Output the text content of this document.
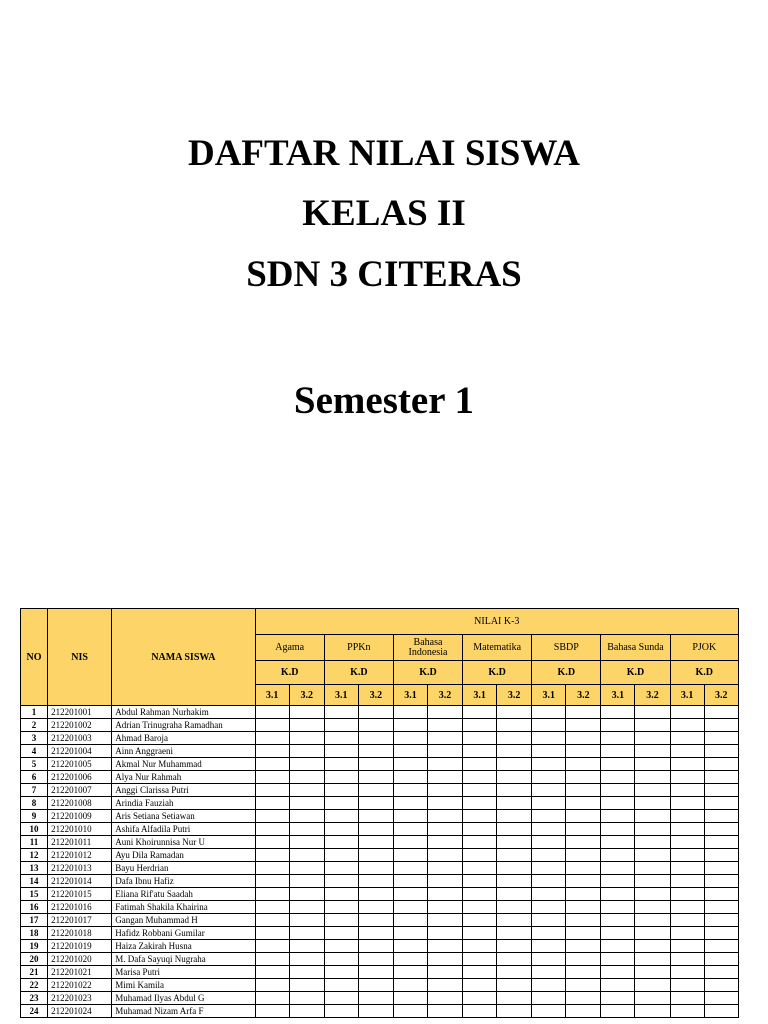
DAFTAR NILAI SISWA
KELAS II
SDN 3 CITERAS
Semester 1
NO	NIS	NAMA SISWA	NILAI K-3													
			Agama		PPKn		Bahasa Indonesia		Matematika		SBDP		Bahasa Sunda		PJOK	
			K.D		K.D		K.D		K.D		K.D		K.D		K.D	
			3.1	3.2	3.1	3.2	3.1	3.2	3.1	3.2	3.1	3.2	3.1	3.2	3.1	3.2
1	212201001	Abdul Rahman Nurhakim														
2	212201002	Adrian Trinugraha Ramadhan														
3	212201003	Ahmad Baroja														
4	212201004	Ainn Anggraeni														
5	212201005	Akmal Nur Muhammad														
6	212201006	Alya Nur Rahmah														
7	212201007	Anggi Clarissa Putri														
8	212201008	Arindia Fauziah														
9	212201009	Aris Setiana Setiawan														
10	212201010	Ashifa Alfadila Putri														
11	212201011	Auni Khoirunnisa Nur U														
12	212201012	Ayu Dila Ramadan														
13	212201013	Bayu Herdrian														
14	212201014	Dafa Ibnu Hafiz														
15	212201015	Eliana Rif'atu Saadah														
16	212201016	Fatimah Shakila Khairina														
17	212201017	Gangan Muhammad H														
18	212201018	Hafidz Robbani Gumilar														
19	212201019	Haiza Zakirah Husna														
20	212201020	M. Dafa Sayuqi Nugraha														
21	212201021	Marisa Putri														
22	212201022	Mimi Kamila														
23	212201023	Muhamad Ilyas Abdul G														
24	212201024	Muhamad Nizam Arfa F														
